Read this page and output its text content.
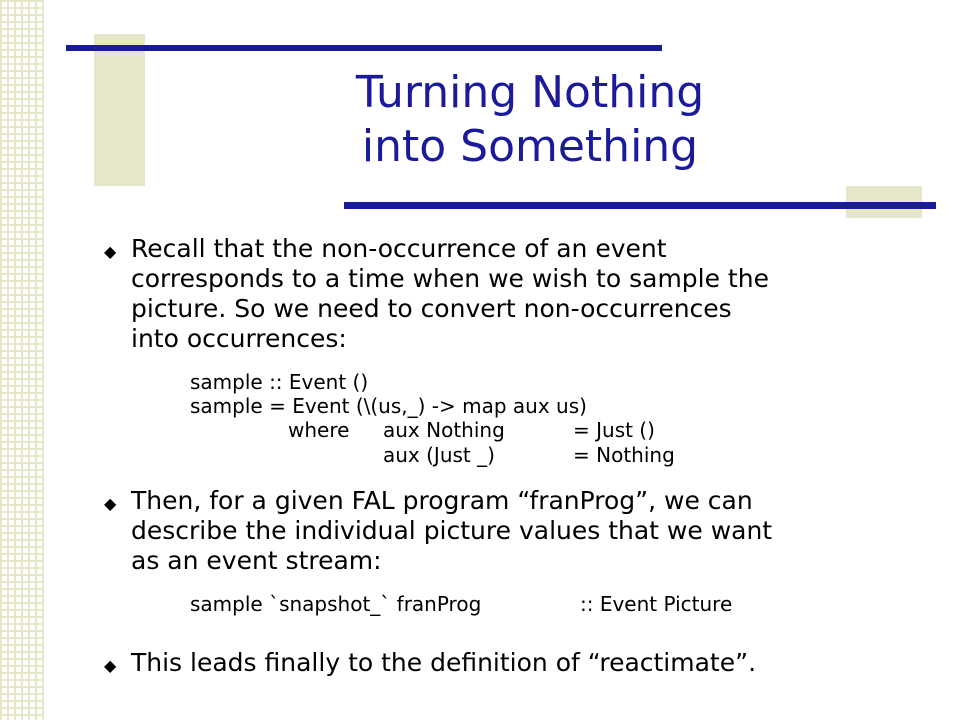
Turning Nothing
into Something
◆ Recall that the non-occurrence of an event
corresponds to a time when we wish to sample the
picture. So we need to convert non-occurrences
into occurrences:
sample :: Event ()
sample = Event (\(us,_) -> map aux us)
where aux Nothing	= Just ()
aux (Just _)	= Nothing
◆ Then, for a given FAL program “franProg”, we can
describe the individual picture values that we want
as an event stream:
sample `snapshot_` franProg	:: Event Picture
◆ This leads finally to the definition of “reactimate”.
